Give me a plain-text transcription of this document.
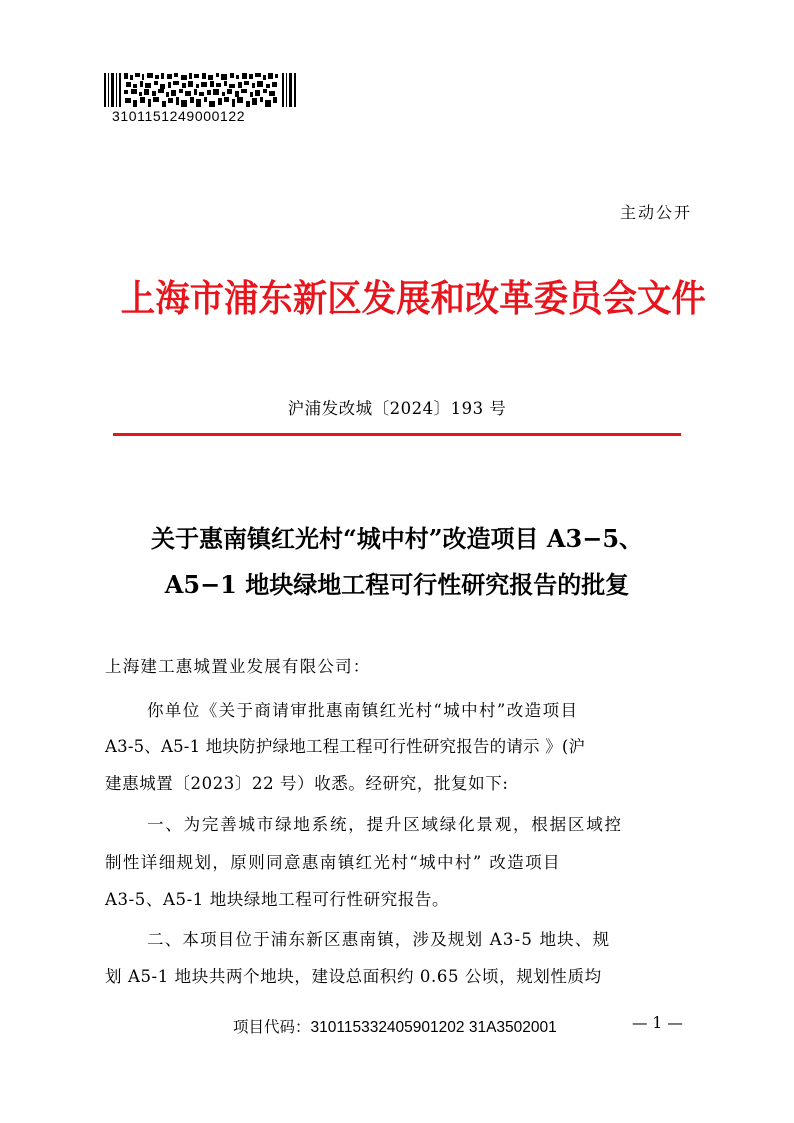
3101151249000122
主动公开
上海市浦东新区发展和改革委员会文件
沪浦发改城〔2024〕193 号
关于惠南镇红光村“城中村”改造项目 A3−5、
A5−1 地块绿地工程可行性研究报告的批复
上海建工惠城置业发展有限公司：
你单位《关于商请审批惠南镇红光村“城中村”改造项目
A3-5、A5-1 地块防护绿地工程工程可行性研究报告的请示 》(沪
建惠城置〔2023〕22 号）收悉。经研究，批复如下:
一、为完善城市绿地系统，提升区域绿化景观，根据区域控
制性详细规划，原则同意惠南镇红光村“城中村” 改造项目
A3-5、A5-1 地块绿地工程可行性研究报告。
二、本项目位于浦东新区惠南镇，涉及规划 A3-5 地块、规
划 A5-1 地块共两个地块，建设总面积约 0.65 公顷，规划性质均
项目代码：310115332405901202 31A3502001	— 1 —
